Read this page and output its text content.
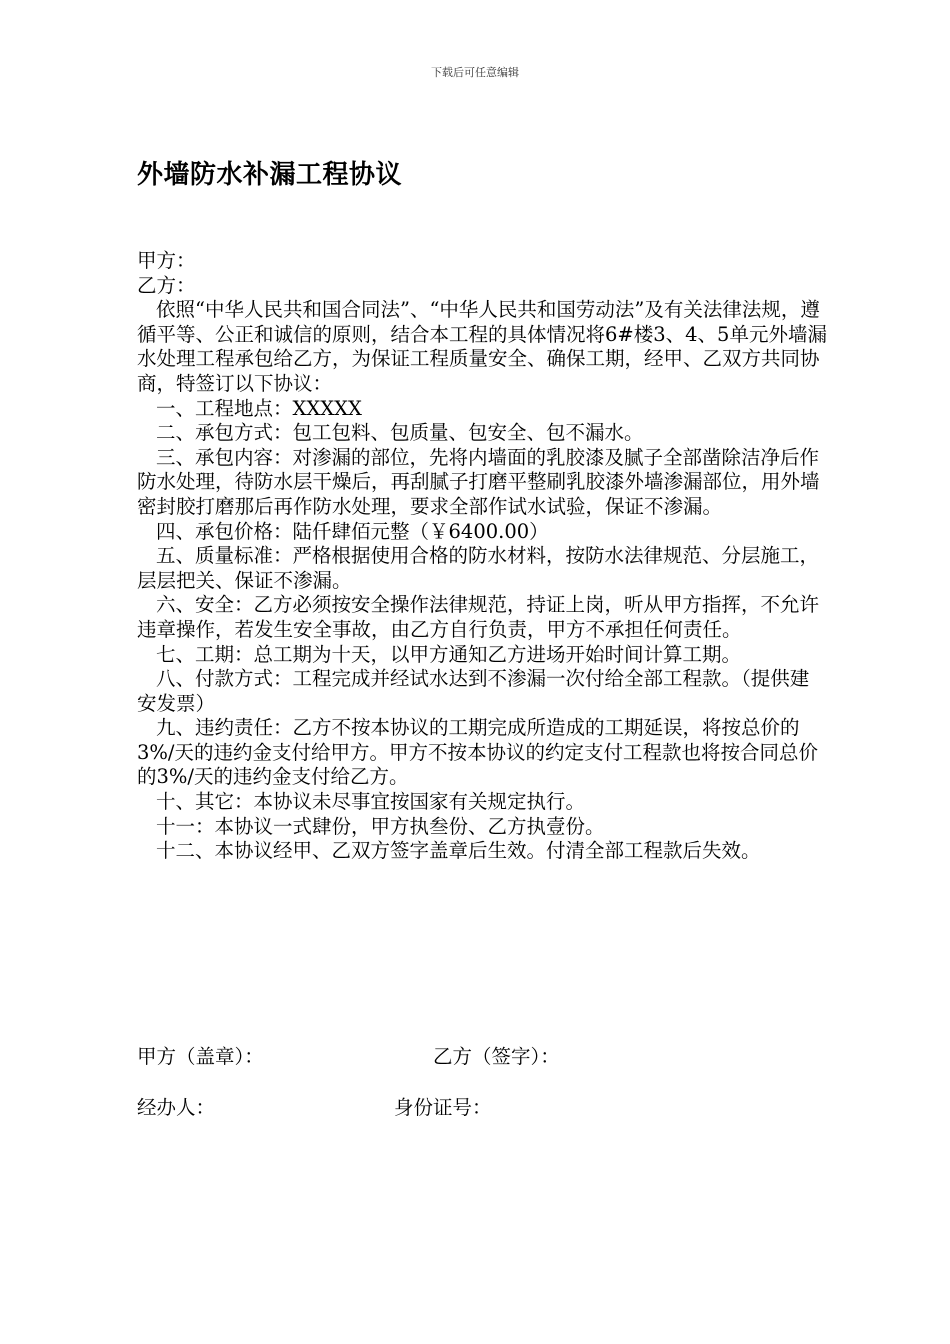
下载后可任意编辑
外墙防水补漏工程协议

甲方：

乙方：

依照“中华人民共和国合同法”、“中华人民共和国劳动法”及有关法律法规，遵循平等、公正和诚信的原则，结合本工程的具体情况将6#楼3、4、5单元外墙漏水处理工程承包给乙方，为保证工程质量安全、确保工期，经甲、乙双方共同协商，特签订以下协议：

一、工程地点：XXXXX

二、承包方式：包工包料、包质量、包安全、包不漏水。

三、承包内容：对渗漏的部位，先将内墙面的乳胶漆及腻子全部凿除洁净后作防水处理，待防水层干燥后，再刮腻子打磨平整刷乳胶漆外墙渗漏部位，用外墙密封胶打磨那后再作防水处理，要求全部作试水试验，保证不渗漏。

四、承包价格：陆仟肆佰元整（￥6400.00）

五、质量标准：严格根据使用合格的防水材料，按防水法律规范、分层施工，层层把关、保证不渗漏。

六、安全：乙方必须按安全操作法律规范，持证上岗，听从甲方指挥，不允许违章操作，若发生安全事故，由乙方自行负责，甲方不承担任何责任。

七、工期：总工期为十天，以甲方通知乙方进场开始时间计算工期。

八、付款方式：工程完成并经试水达到不渗漏一次付给全部工程款。（提供建安发票）

九、违约责任：乙方不按本协议的工期完成所造成的工期延误，将按总价的3%/天的违约金支付给甲方。甲方不按本协议的约定支付工程款也将按合同总价的3%/天的违约金支付给乙方。

十、其它：本协议未尽事宜按国家有关规定执行。

十一：本协议一式肆份，甲方执叁份、乙方执壹份。

十二、本协议经甲、乙双方签字盖章后生效。付清全部工程款后失效。

甲方（盖章）：	乙方（签字）：
经办人：	身份证号：
